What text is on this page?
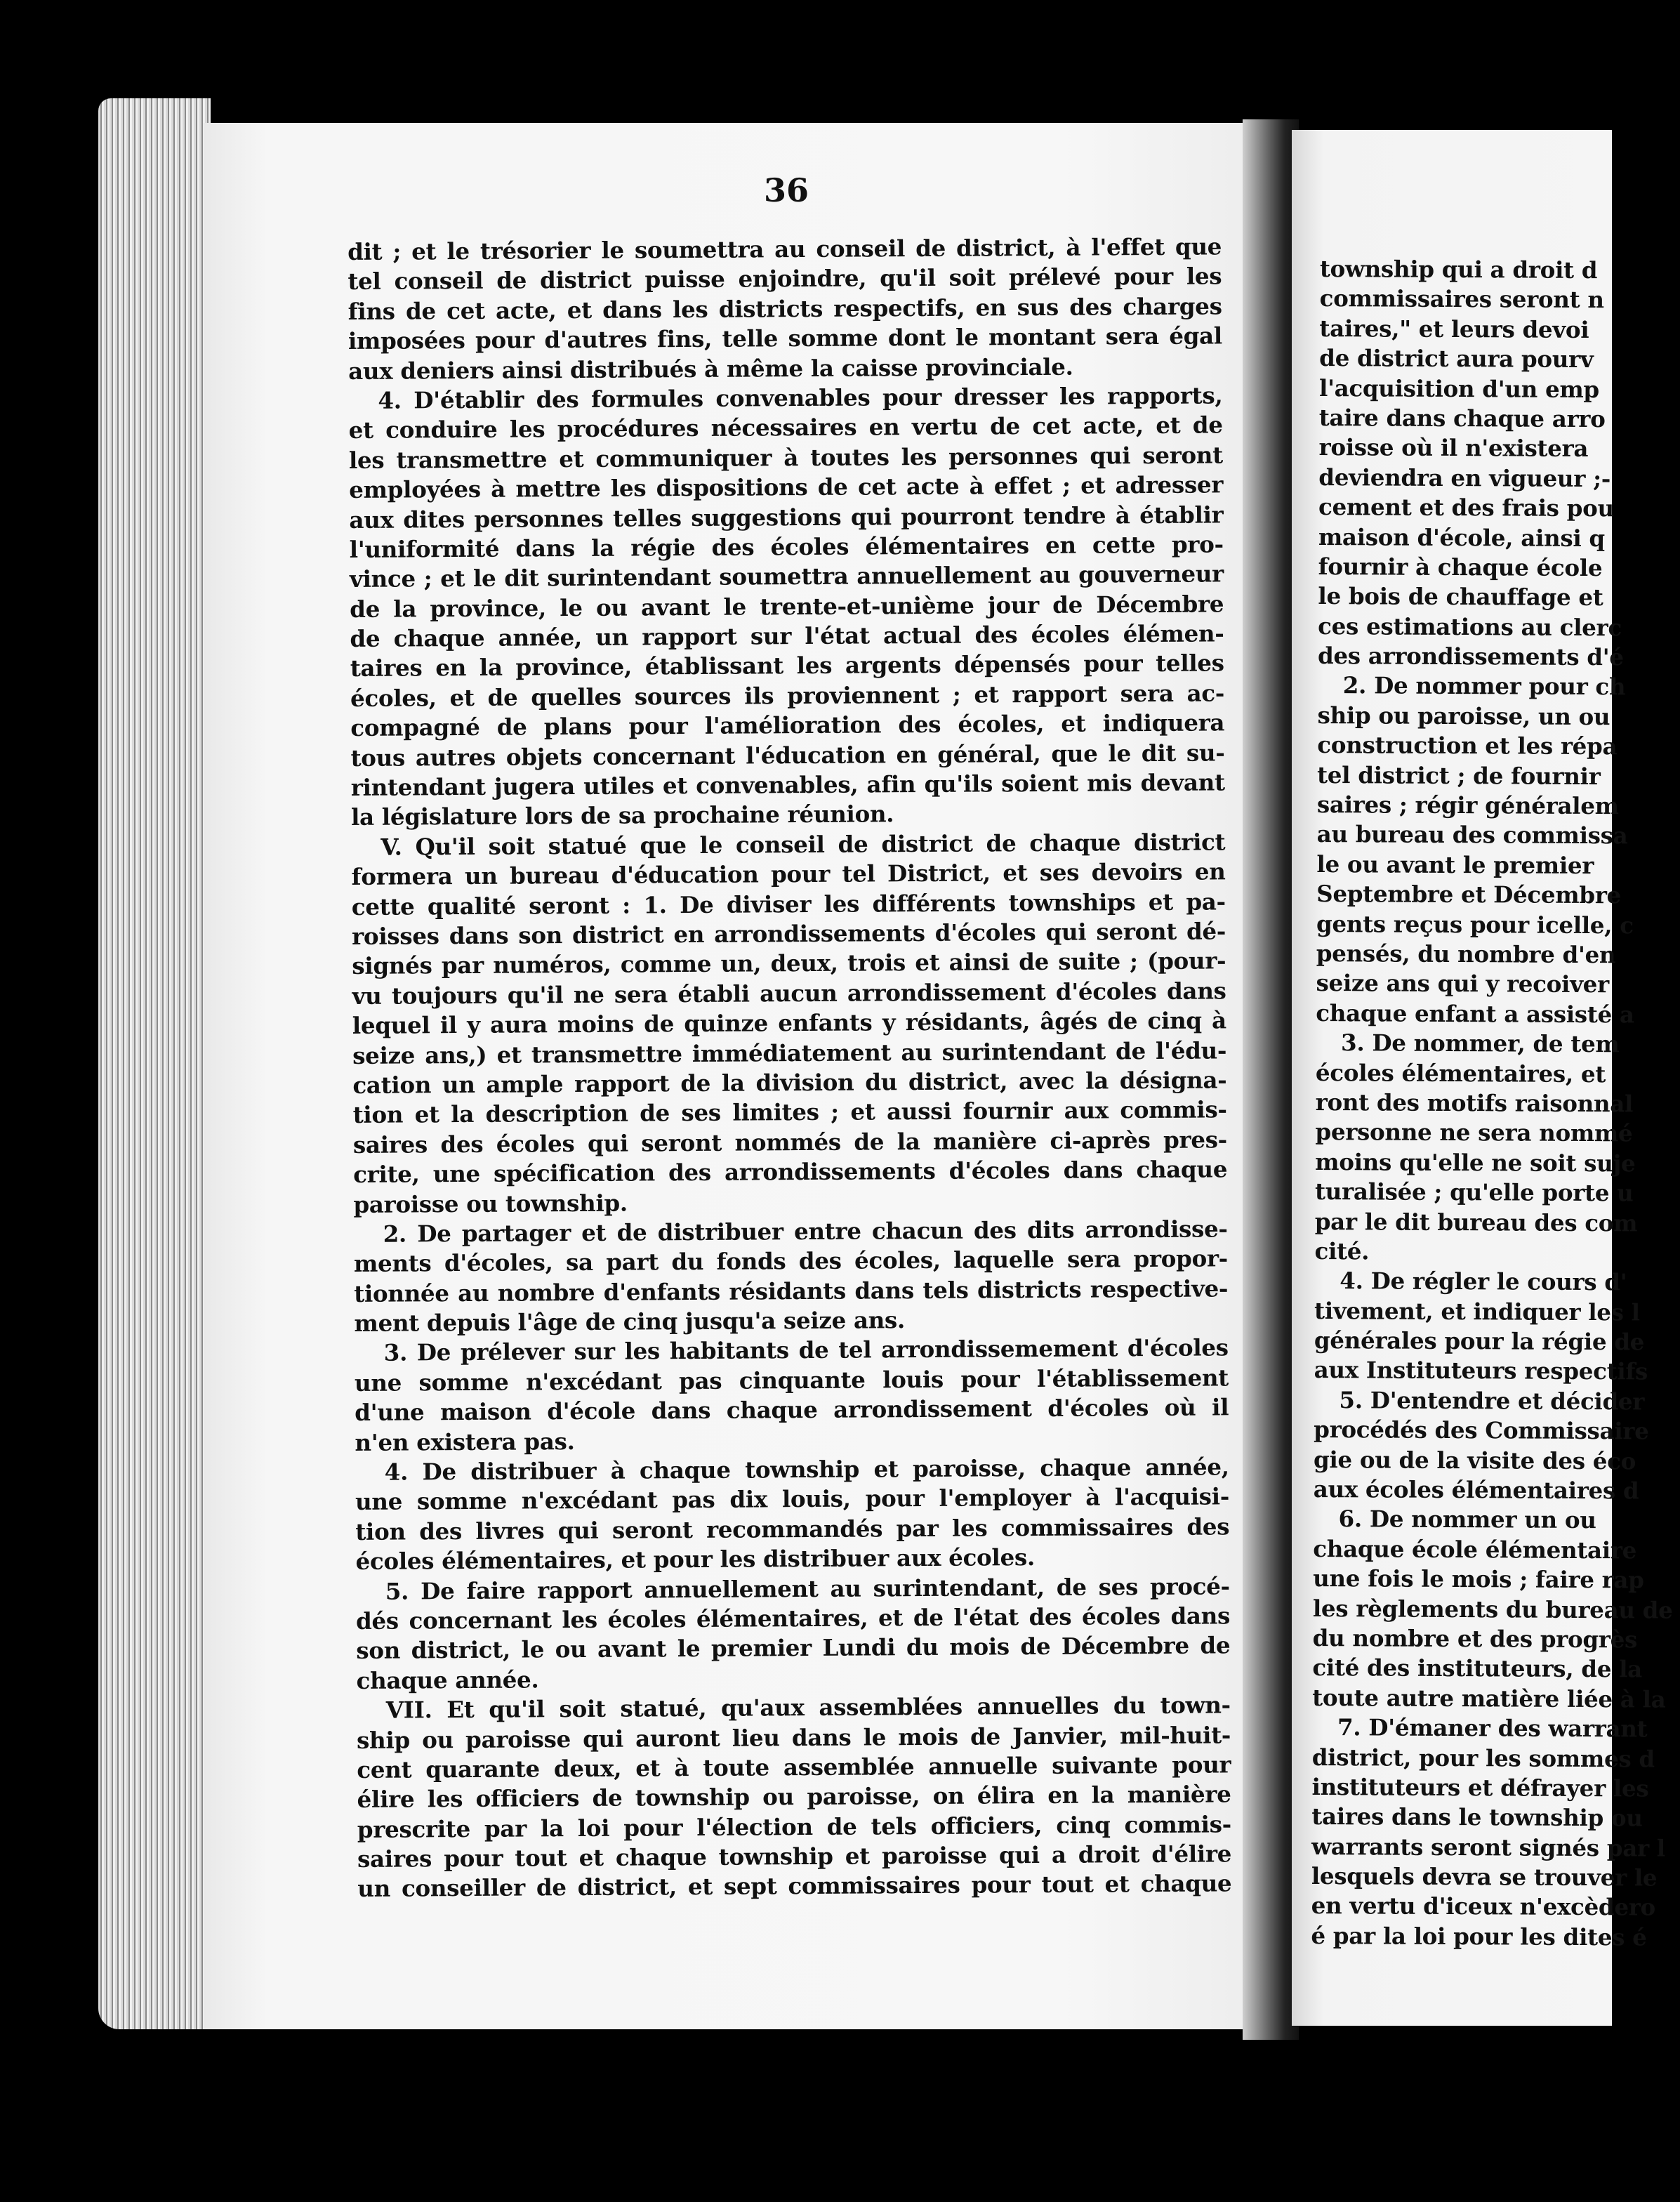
36

dit ; et le trésorier le soumettra au conseil de district, à l'effet que
tel conseil de district puisse enjoindre, qu'il soit prélevé pour les
fins de cet acte, et dans les districts respectifs, en sus des charges
imposées pour d'autres fins, telle somme dont le montant sera égal
aux deniers ainsi distribués à même la caisse provinciale.
4. D'établir des formules convenables pour dresser les rapports,
et conduire les procédures nécessaires en vertu de cet acte, et de
les transmettre et communiquer à toutes les personnes qui seront
employées à mettre les dispositions de cet acte à effet ; et adresser
aux dites personnes telles suggestions qui pourront tendre à établir
l'uniformité dans la régie des écoles élémentaires en cette pro-
vince ; et le dit surintendant soumettra annuellement au gouverneur
de la province, le ou avant le trente-et-unième jour de Décembre
de chaque année, un rapport sur l'état actual des écoles élémen-
taires en la province, établissant les argents dépensés pour telles
écoles, et de quelles sources ils proviennent ; et rapport sera ac-
compagné de plans pour l'amélioration des écoles, et indiquera
tous autres objets concernant l'éducation en général, que le dit su-
rintendant jugera utiles et convenables, afin qu'ils soient mis devant
la législature lors de sa prochaine réunion.
V. Qu'il soit statué que le conseil de district de chaque district
formera un bureau d'éducation pour tel District, et ses devoirs en
cette qualité seront : 1. De diviser les différents townships et pa-
roisses dans son district en arrondissements d'écoles qui seront dé-
signés par numéros, comme un, deux, trois et ainsi de suite ; (pour-
vu toujours qu'il ne sera établi aucun arrondissement d'écoles dans
lequel il y aura moins de quinze enfants y résidants, âgés de cinq à
seize ans,) et transmettre immédiatement au surintendant de l'édu-
cation un ample rapport de la division du district, avec la désigna-
tion et la description de ses limites ; et aussi fournir aux commis-
saires des écoles qui seront nommés de la manière ci-après pres-
crite, une spécification des arrondissements d'écoles dans chaque
paroisse ou township.
2. De partager et de distribuer entre chacun des dits arrondisse-
ments d'écoles, sa part du fonds des écoles, laquelle sera propor-
tionnée au nombre d'enfants résidants dans tels districts respective-
ment depuis l'âge de cinq jusqu'a seize ans.
3. De prélever sur les habitants de tel arrondissemement d'écoles
une somme n'excédant pas cinquante louis pour l'établissement
d'une maison d'école dans chaque arrondissement d'écoles où il
n'en existera pas.
4. De distribuer à chaque township et paroisse, chaque année,
une somme n'excédant pas dix louis, pour l'employer à l'acquisi-
tion des livres qui seront recommandés par les commissaires des
écoles élémentaires, et pour les distribuer aux écoles.
5. De faire rapport annuellement au surintendant, de ses procé-
dés concernant les écoles élémentaires, et de l'état des écoles dans
son district, le ou avant le premier Lundi du mois de Décembre de
chaque année.
VII. Et qu'il soit statué, qu'aux assemblées annuelles du town-
ship ou paroisse qui auront lieu dans le mois de Janvier, mil-huit-
cent quarante deux, et à toute assemblée annuelle suivante pour
élire les officiers de township ou paroisse, on élira en la manière
prescrite par la loi pour l'élection de tels officiers, cinq commis-
saires pour tout et chaque township et paroisse qui a droit d'élire
un conseiller de district, et sept commissaires pour tout et chaque
township qui a droit d
commissaires seront n
taires," et leurs devoi
de district aura pourv
l'acquisition d'un emp
taire dans chaque arro
roisse où il n'existera
deviendra en vigueur ;-
cement et des frais pou
maison d'école, ainsi q
fournir à chaque école
le bois de chauffage et
ces estimations au clerc
des arrondissements d'é
2. De nommer pour ch
ship ou paroisse, un ou
construction et les répa
tel district ; de fournir
saires ; régir généralem
au bureau des commissa
le ou avant le premier
Septembre et Décembre
gents reçus pour icelle, c
pensés, du nombre d'en
seize ans qui y recoiver
chaque enfant a assisté a
3. De nommer, de tem
écoles élémentaires, et
ront des motifs raisonnal
personne ne sera nommé
moins qu'elle ne soit suje
turalisée ; qu'elle porte u
par le dit bureau des com
cité.
4. De régler le cours d'
tivement, et indiquer les l
générales pour la régie de
aux Instituteurs respectifs
5. D'entendre et décider
procédés des Commissaire
gie ou de la visite des éco
aux écoles élémentaires d
6. De nommer un ou
chaque école élémentaire
une fois le mois ; faire rap
les règlements du bureau de
du nombre et des progrès
cité des instituteurs, de la
toute autre matière liée à la
7. D'émaner des warrant
district, pour les sommes d
instituteurs et défrayer les
taires dans le township ou
warrants seront signés par l
lesquels devra se trouver le
en vertu d'iceux n'excèdero
é par la loi pour les dites é
